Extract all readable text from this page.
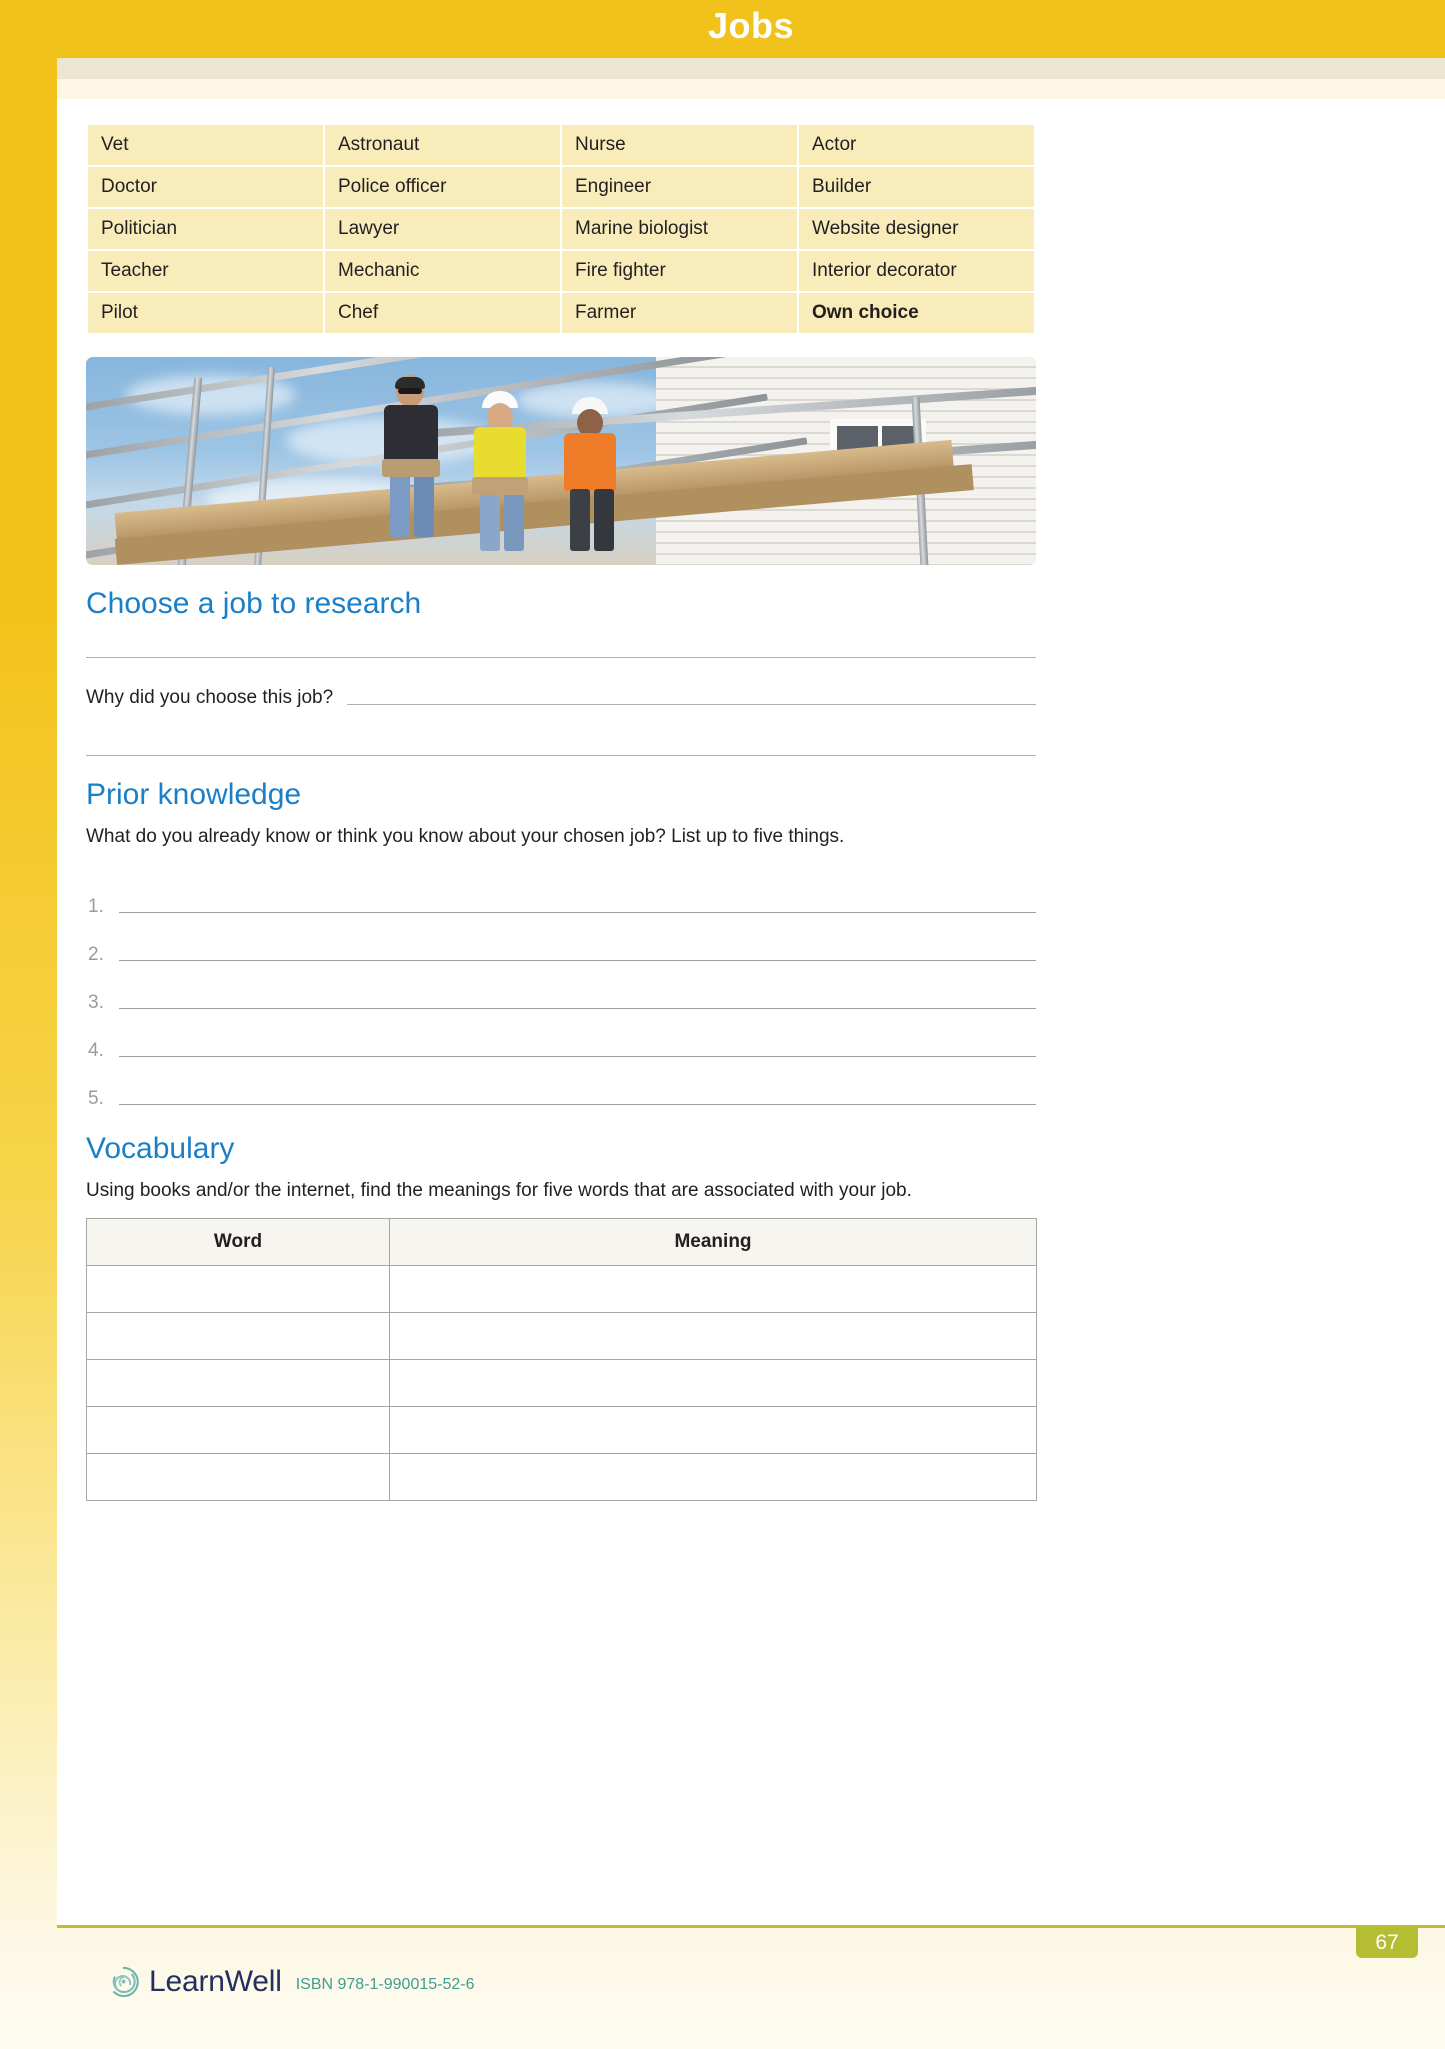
Vet	Astronaut	Nurse	Actor
Doctor	Police officer	Engineer	Builder
Politician	Lawyer	Marine biologist	Website designer
Teacher	Mechanic	Fire fighter	Interior decorator
Pilot	Chef	Farmer	Own choice
Choose a job to research
Why did you choose this job?
Prior knowledge
What do you already know or think you know about your chosen job? List up to five things.
1.
2.
3.
4.
5.
Vocabulary
Using books and/or the internet, find the meanings for five words that are associated with your job.
Word	Meaning

Jobs
67
LearnWell ISBN 978-1-990015-52-6
